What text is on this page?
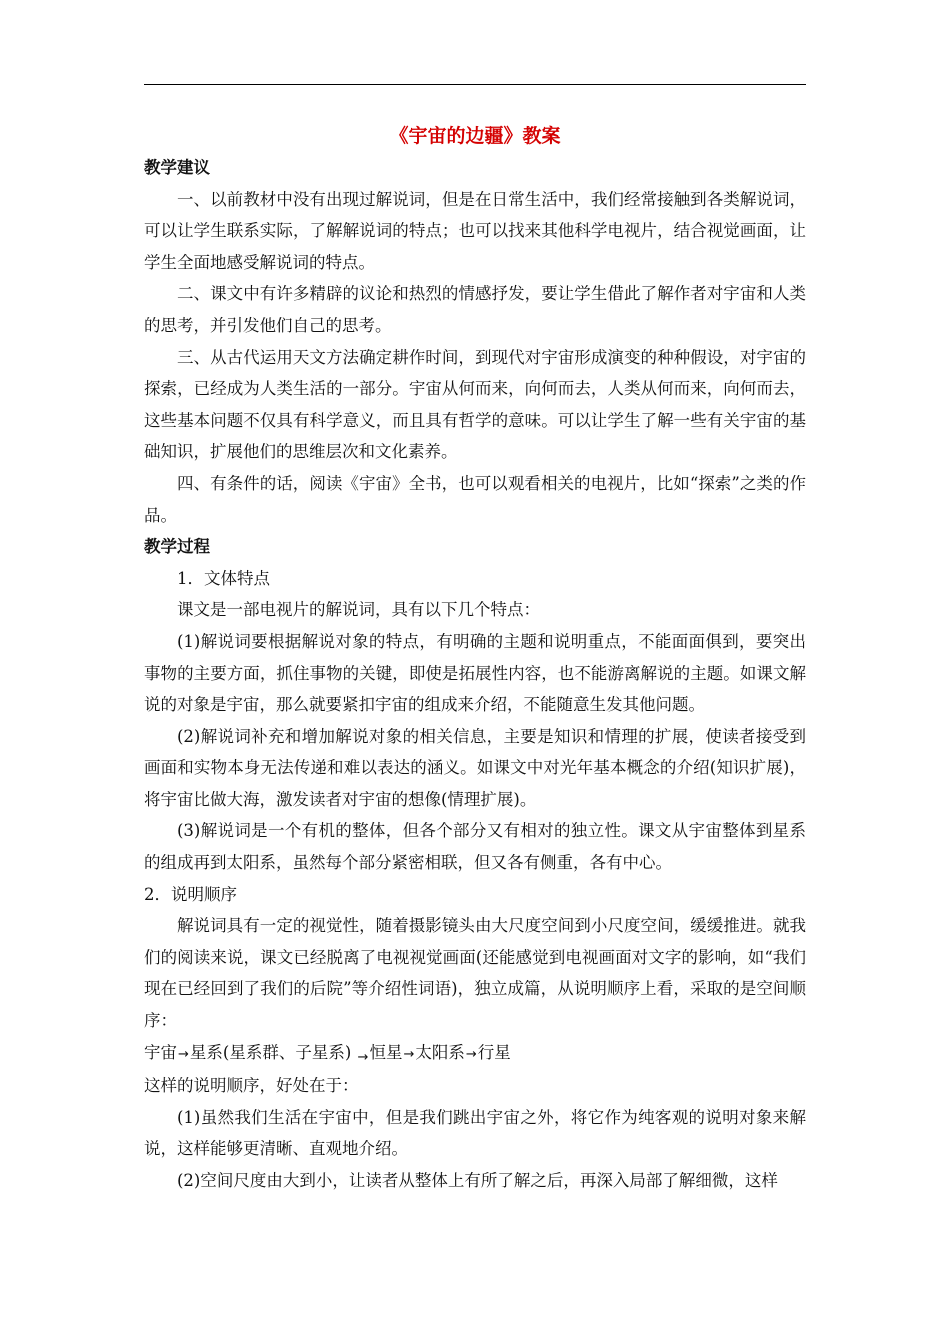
《宇宙的边疆》教案
教学建议
一、以前教材中没有出现过解说词，但是在日常生活中，我们经常接触到各类解说词，可以让学生联系实际，了解解说词的特点；也可以找来其他科学电视片，结合视觉画面，让学生全面地感受解说词的特点。
二、课文中有许多精辟的议论和热烈的情感抒发，要让学生借此了解作者对宇宙和人类的思考，并引发他们自己的思考。
三、从古代运用天文方法确定耕作时间，到现代对宇宙形成演变的种种假设，对宇宙的探索，已经成为人类生活的一部分。宇宙从何而来，向何而去，人类从何而来，向何而去，这些基本问题不仅具有科学意义，而且具有哲学的意味。可以让学生了解一些有关宇宙的基础知识，扩展他们的思维层次和文化素养。
四、有条件的话，阅读《宇宙》全书，也可以观看相关的电视片，比如“探索”之类的作品。
教学过程
1．文体特点
课文是一部电视片的解说词，具有以下几个特点：
(1)解说词要根据解说对象的特点，有明确的主题和说明重点，不能面面俱到，要突出事物的主要方面，抓住事物的关键，即使是拓展性内容，也不能游离解说的主题。如课文解说的对象是宇宙，那么就要紧扣宇宙的组成来介绍，不能随意生发其他问题。
(2)解说词补充和增加解说对象的相关信息，主要是知识和情理的扩展，使读者接受到画面和实物本身无法传递和难以表达的涵义。如课文中对光年基本概念的介绍(知识扩展)，将宇宙比做大海，激发读者对宇宙的想像(情理扩展)。
(3)解说词是一个有机的整体，但各个部分又有相对的独立性。课文从宇宙整体到星系的组成再到太阳系，虽然每个部分紧密相联，但又各有侧重，各有中心。
2．说明顺序
解说词具有一定的视觉性，随着摄影镜头由大尺度空间到小尺度空间，缓缓推进。就我们的阅读来说，课文已经脱离了电视视觉画面(还能感觉到电视画面对文字的影响，如“我们现在已经回到了我们的后院”等介绍性词语)，独立成篇，从说明顺序上看，采取的是空间顺序：
宇宙→星系(星系群、子星系) →恒星→太阳系→行星
这样的说明顺序，好处在于：
(1)虽然我们生活在宇宙中，但是我们跳出宇宙之外，将它作为纯客观的说明对象来解说，这样能够更清晰、直观地介绍。
(2)空间尺度由大到小，让读者从整体上有所了解之后，再深入局部了解细微，这样
